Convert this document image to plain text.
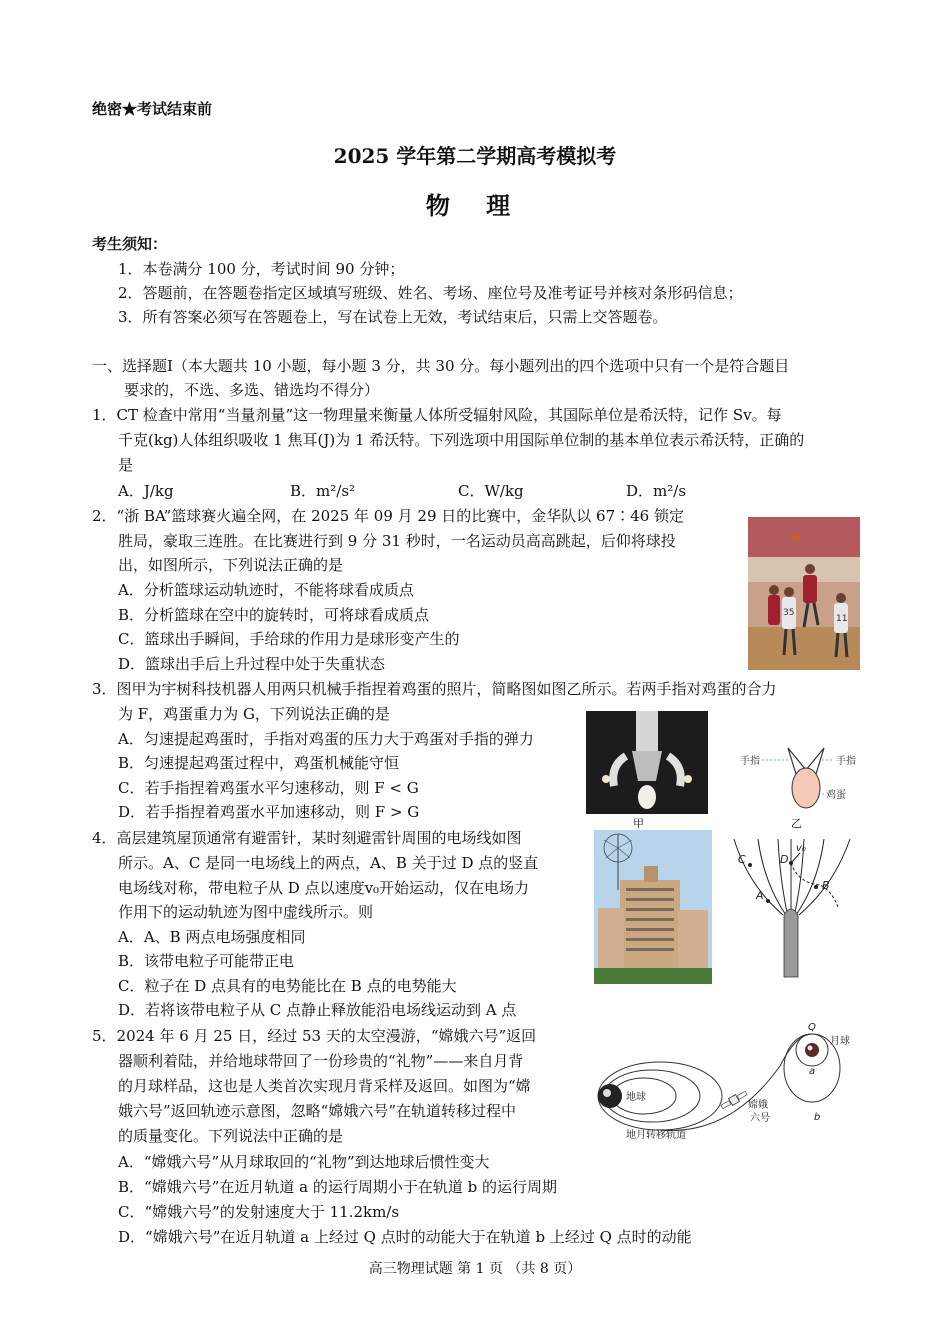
绝密★考试结束前
2025 学年第二学期高考模拟考
物 理
考生须知：
1．本卷满分 100 分，考试时间 90 分钟；
2．答题前，在答题卷指定区域填写班级、姓名、考场、座位号及准考证号并核对条形码信息；
3．所有答案必须写在答题卷上，写在试卷上无效，考试结束后，只需上交答题卷。
一、选择题Ⅰ（本大题共 10 小题，每小题 3 分，共 30 分。每小题列出的四个选项中只有一个是符合题目
要求的，不选、多选、错选均不得分）
1．CT 检查中常用“当量剂量”这一物理量来衡量人体所受辐射风险，其国际单位是希沃特，记作 Sv。每
千克(kg)人体组织吸收 1 焦耳(J)为 1 希沃特。下列选项中用国际单位制的基本单位表示希沃特，正确的
是
A．J/kg	B．m²/s²	C．W/kg	D．m²/s
2．“浙 BA”篮球赛火遍全网，在 2025 年 09 月 29 日的比赛中，金华队以 67∶46 锁定
胜局，豪取三连胜。在比赛进行到 9 分 31 秒时，一名运动员高高跳起，后仰将球投
出，如图所示，下列说法正确的是
A．分析篮球运动轨迹时，不能将球看成质点
B．分析篮球在空中的旋转时，可将球看成质点
C．篮球出手瞬间，手给球的作用力是球形变产生的
D．篮球出手后上升过程中处于失重状态
35
11
3．图甲为宇树科技机器人用两只机械手指捏着鸡蛋的照片，简略图如图乙所示。若两手指对鸡蛋的合力
为 F，鸡蛋重力为 G，下列说法正确的是
A．匀速提起鸡蛋时，手指对鸡蛋的压力大于鸡蛋对手指的弹力
B．匀速提起鸡蛋过程中，鸡蛋机械能守恒
C．若手指捏着鸡蛋水平匀速移动，则 F < G
D．若手指捏着鸡蛋水平加速移动，则 F > G
甲
手指	手指
鸡蛋
乙
4．高层建筑屋顶通常有避雷针，某时刻避雷针周围的电场线如图
所示。A、C 是同一电场线上的两点，A、B 关于过 D 点的竖直
电场线对称，带电粒子从 D 点以速度v₀开始运动，仅在电场力
作用下的运动轨迹为图中虚线所示。则
A．A、B 两点电场强度相同
B．该带电粒子可能带正电
C．粒子在 D 点具有的电势能比在 B 点的电势能大
D．若将该带电粒子从 C 点静止释放能沿电场线运动到 A 点
C	D
v₀
A
B
5．2024 年 6 月 25 日，经过 53 天的太空漫游，“嫦娥六号”返回
器顺利着陆，并给地球带回了一份珍贵的“礼物”——来自月背
的月球样品，这也是人类首次实现月背采样及返回。如图为“嫦
娥六号”返回轨迹示意图，忽略“嫦娥六号”在轨道转移过程中
的质量变化。下列说法中正确的是
A．“嫦娥六号”从月球取回的“礼物”到达地球后惯性变大
B．“嫦娥六号”在近月轨道 a 的运行周期小于在轨道 b 的运行周期
C．“嫦娥六号”的发射速度大于 11.2km/s
D．“嫦娥六号”在近月轨道 a 上经过 Q 点时的动能大于在轨道 b 上经过 Q 点时的动能
Q
月球
地球
a
b
嫦娥
六号
地月转移轨道
高三物理试题 第 1 页 （共 8 页）
